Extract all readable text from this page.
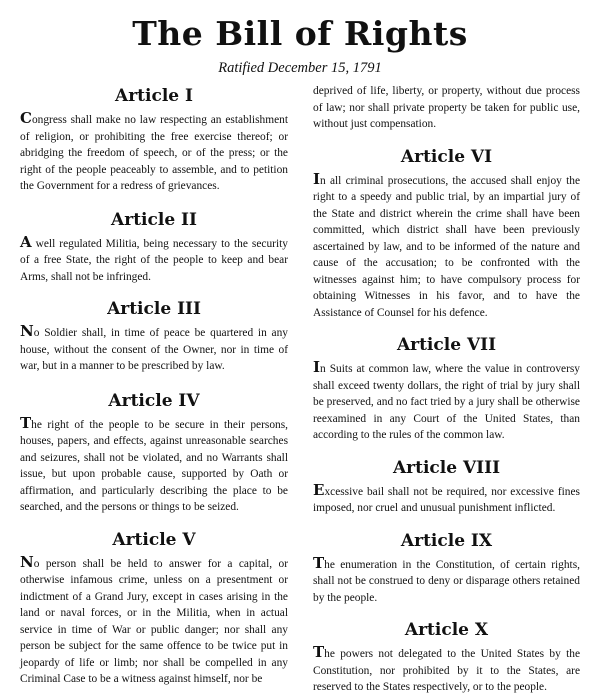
The Bill of Rights
Ratified December 15, 1791

Article I

Congress shall make no law respecting an establishment of religion, or prohibiting the free exercise thereof; or abridging the freedom of speech, or of the press; or the right of the people peaceably to assemble, and to petition the Government for a redress of grievances.

Article II

A well regulated Militia, being necessary to the security of a free State, the right of the people to keep and bear Arms, shall not be infringed.

Article III

No Soldier shall, in time of peace be quartered in any house, without the consent of the Owner, nor in time of war, but in a manner to be prescribed by law.

Article IV

The right of the people to be secure in their persons, houses, papers, and effects, against unreasonable searches and seizures, shall not be violated, and no Warrants shall issue, but upon probable cause, supported by Oath or affirmation, and particularly describing the place to be searched, and the persons or things to be seized.

Article V

No person shall be held to answer for a capital, or otherwise infamous crime, unless on a presentment or indictment of a Grand Jury, except in cases arising in the land or naval forces, or in the Militia, when in actual service in time of War or public danger; nor shall any person be subject for the same offence to be twice put in jeopardy of life or limb; nor shall be compelled in any Criminal Case to be a witness against himself, nor be

deprived of life, liberty, or property, without due process of law; nor shall private property be taken for public use, without just compensation.

Article VI

In all criminal prosecutions, the accused shall enjoy the right to a speedy and public trial, by an impartial jury of the State and district wherein the crime shall have been committed, which district shall have been previously ascertained by law, and to be informed of the nature and cause of the accusation; to be confronted with the witnesses against him; to have compulsory process for obtaining Witnesses in his favor, and to have the Assistance of Counsel for his defence.

Article VII

In Suits at common law, where the value in controversy shall exceed twenty dollars, the right of trial by jury shall be preserved, and no fact tried by a jury shall be otherwise reexamined in any Court of the United States, than according to the rules of the common law.

Article VIII

Excessive bail shall not be required, nor excessive fines imposed, nor cruel and unusual punishment inflicted.

Article IX

The enumeration in the Constitution, of certain rights, shall not be construed to deny or disparage others retained by the people.

Article X

The powers not delegated to the United States by the Constitution, nor prohibited by it to the States, are reserved to the States respectively, or to the people.
